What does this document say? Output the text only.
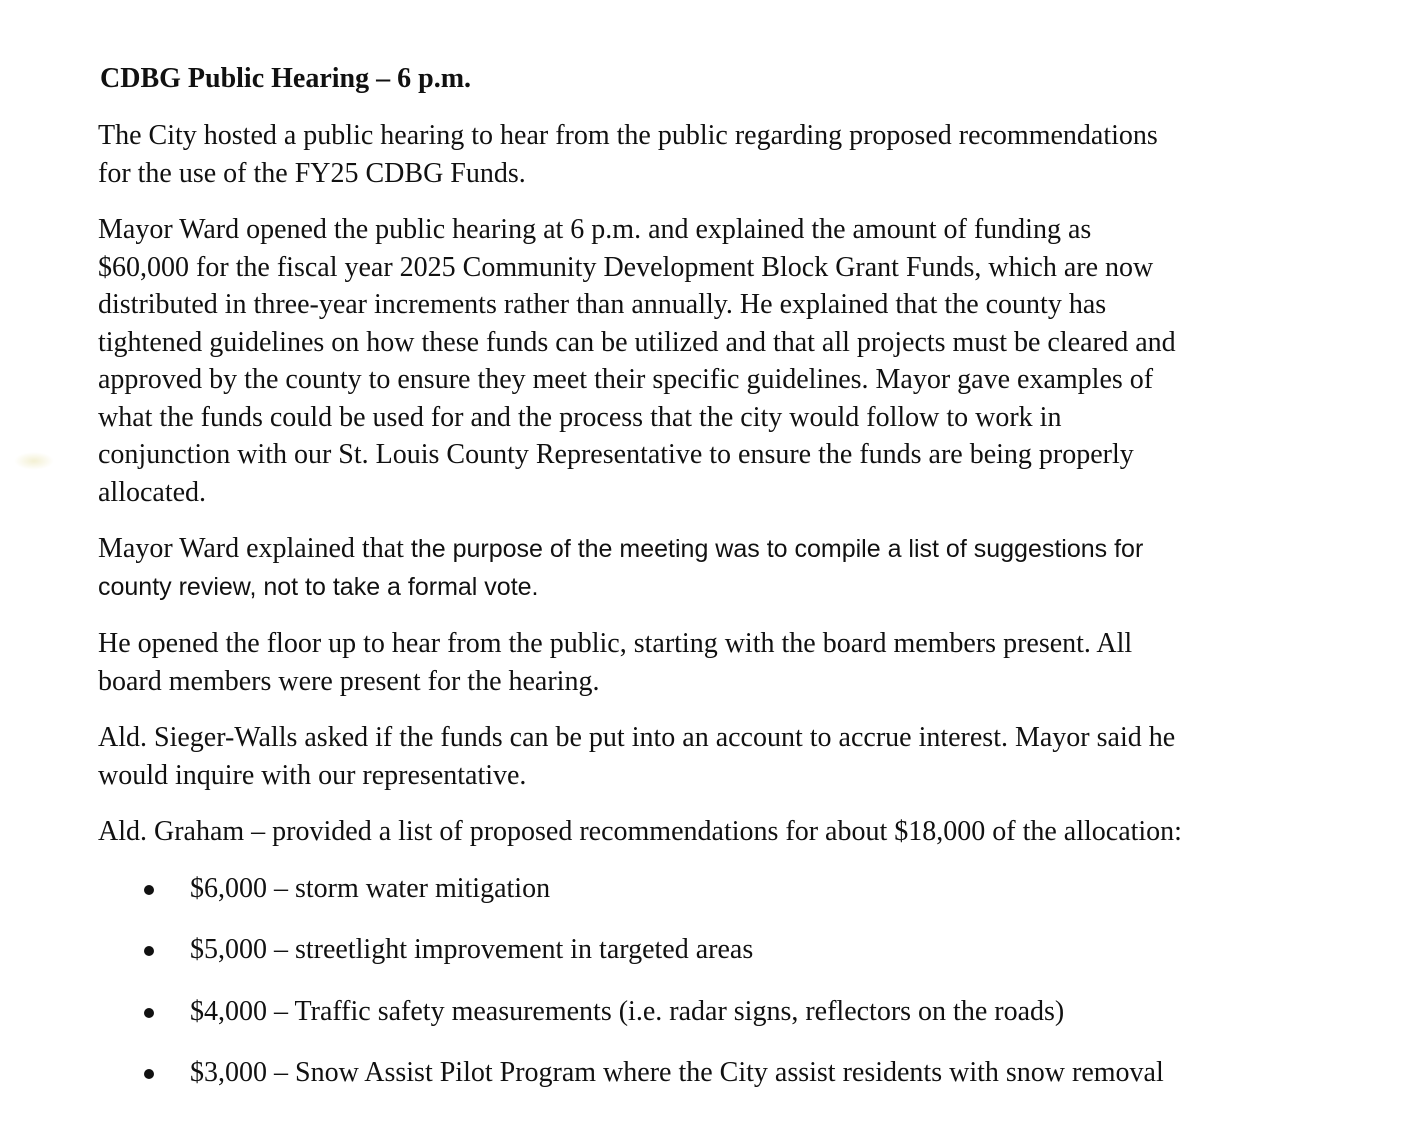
CDBG Public Hearing – 6 p.m.
The City hosted a public hearing to hear from the public regarding proposed recommendations
for the use of the FY25 CDBG Funds.
Mayor Ward opened the public hearing at 6 p.m. and explained the amount of funding as
$60,000 for the fiscal year 2025 Community Development Block Grant Funds, which are now
distributed in three-year increments rather than annually. He explained that the county has
tightened guidelines on how these funds can be utilized and that all projects must be cleared and
approved by the county to ensure they meet their specific guidelines. Mayor gave examples of
what the funds could be used for and the process that the city would follow to work in
conjunction with our St. Louis County Representative to ensure the funds are being properly
allocated.
Mayor Ward explained that the purpose of the meeting was to compile a list of suggestions for
county review, not to take a formal vote.
He opened the floor up to hear from the public, starting with the board members present. All
board members were present for the hearing.
Ald. Sieger-Walls asked if the funds can be put into an account to accrue interest. Mayor said he
would inquire with our representative.
Ald. Graham – provided a list of proposed recommendations for about $18,000 of the allocation:
$6,000 – storm water mitigation
$5,000 – streetlight improvement in targeted areas
$4,000 – Traffic safety measurements (i.e. radar signs, reflectors on the roads)
$3,000 – Snow Assist Pilot Program where the City assist residents with snow removal
